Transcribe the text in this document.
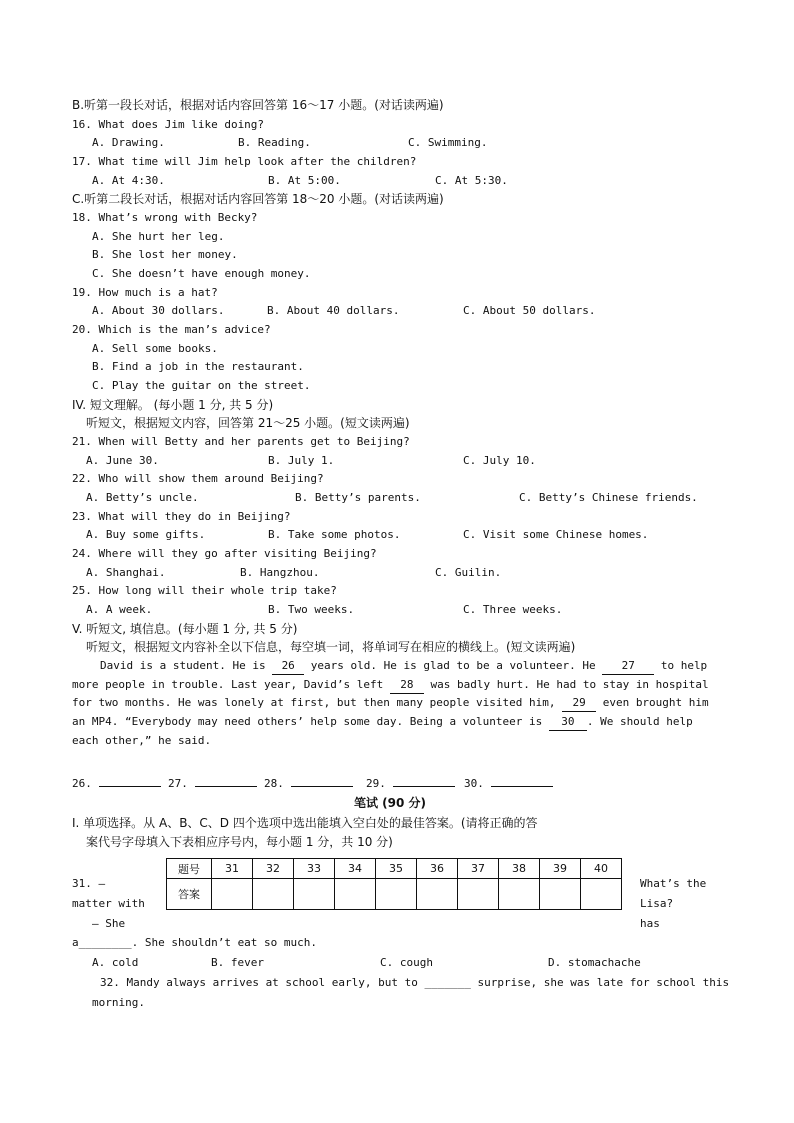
B.听第一段长对话，根据对话内容回答第 16～17 小题。(对话读两遍)
16. What does Jim like doing?
A. Drawing.	B. Reading.	C. Swimming.
17. What time will Jim help look after the children?
A. At 4:30.	B. At 5:00.	C. At 5:30.
C.听第二段长对话，根据对话内容回答第 18～20 小题。(对话读两遍)
18. What’s wrong with Becky?
A. She hurt her leg.
B. She lost her money.
C. She doesn’t have enough money.
19. How much is a hat?
A. About 30 dollars.	B. About 40 dollars.	C. About 50 dollars.
20. Which is the man’s advice?
A. Sell some books.
B. Find a job in the restaurant.
C. Play the guitar on the street.
IV. 短文理解。 (每小题 1 分, 共 5 分)
听短文，根据短文内容，回答第 21～25 小题。(短文读两遍)
21. When will Betty and her parents get to Beijing?
A. June 30.	B. July 1.	C. July 10.
22. Who will show them around Beijing?
A. Betty’s uncle.	B. Betty’s parents.	C. Betty’s Chinese friends.
23. What will they do in Beijing?
A. Buy some gifts.	B. Take some photos.	C. Visit some Chinese homes.
24. Where will they go after visiting Beijing?
A. Shanghai.	B. Hangzhou.	C. Guilin.
25. How long will their whole trip take?
A. A week.	B. Two weeks.	C. Three weeks.
V. 听短文, 填信息。(每小题 1 分, 共 5 分)
听短文，根据短文内容补全以下信息，每空填一词，将单词写在相应的横线上。(短文读两遍)
David is a student. He is 26 years old. He is glad to be a volunteer. He 27 to help
more people in trouble. Last year, David’s left 28 was badly hurt. He had to stay in hospital
for two months. He was lonely at first, but then many people visited him, 29 even brought him
an MP4. “Everybody may need others’ help some day. Being a volunteer is 30 . We should help
each other,” he said.
26.	27.	28.	29.	30.
笔试 (90 分)
I. 单项选择。从 A、B、C、D 四个选项中选出能填入空白处的最佳答案。(请将正确的答
案代号字母填入下表相应序号内，每小题 1 分，共 10 分)
题号	31	32	33	34	35	36	37	38	39	40
答案										
31. —	What’s the
matter with	Lisa?
— She	has
a________. She shouldn’t eat so much.
A. cold	B. fever	C. cough	D. stomachache
32. Mandy always arrives at school early, but to _______ surprise, she was late for school this
morning.
